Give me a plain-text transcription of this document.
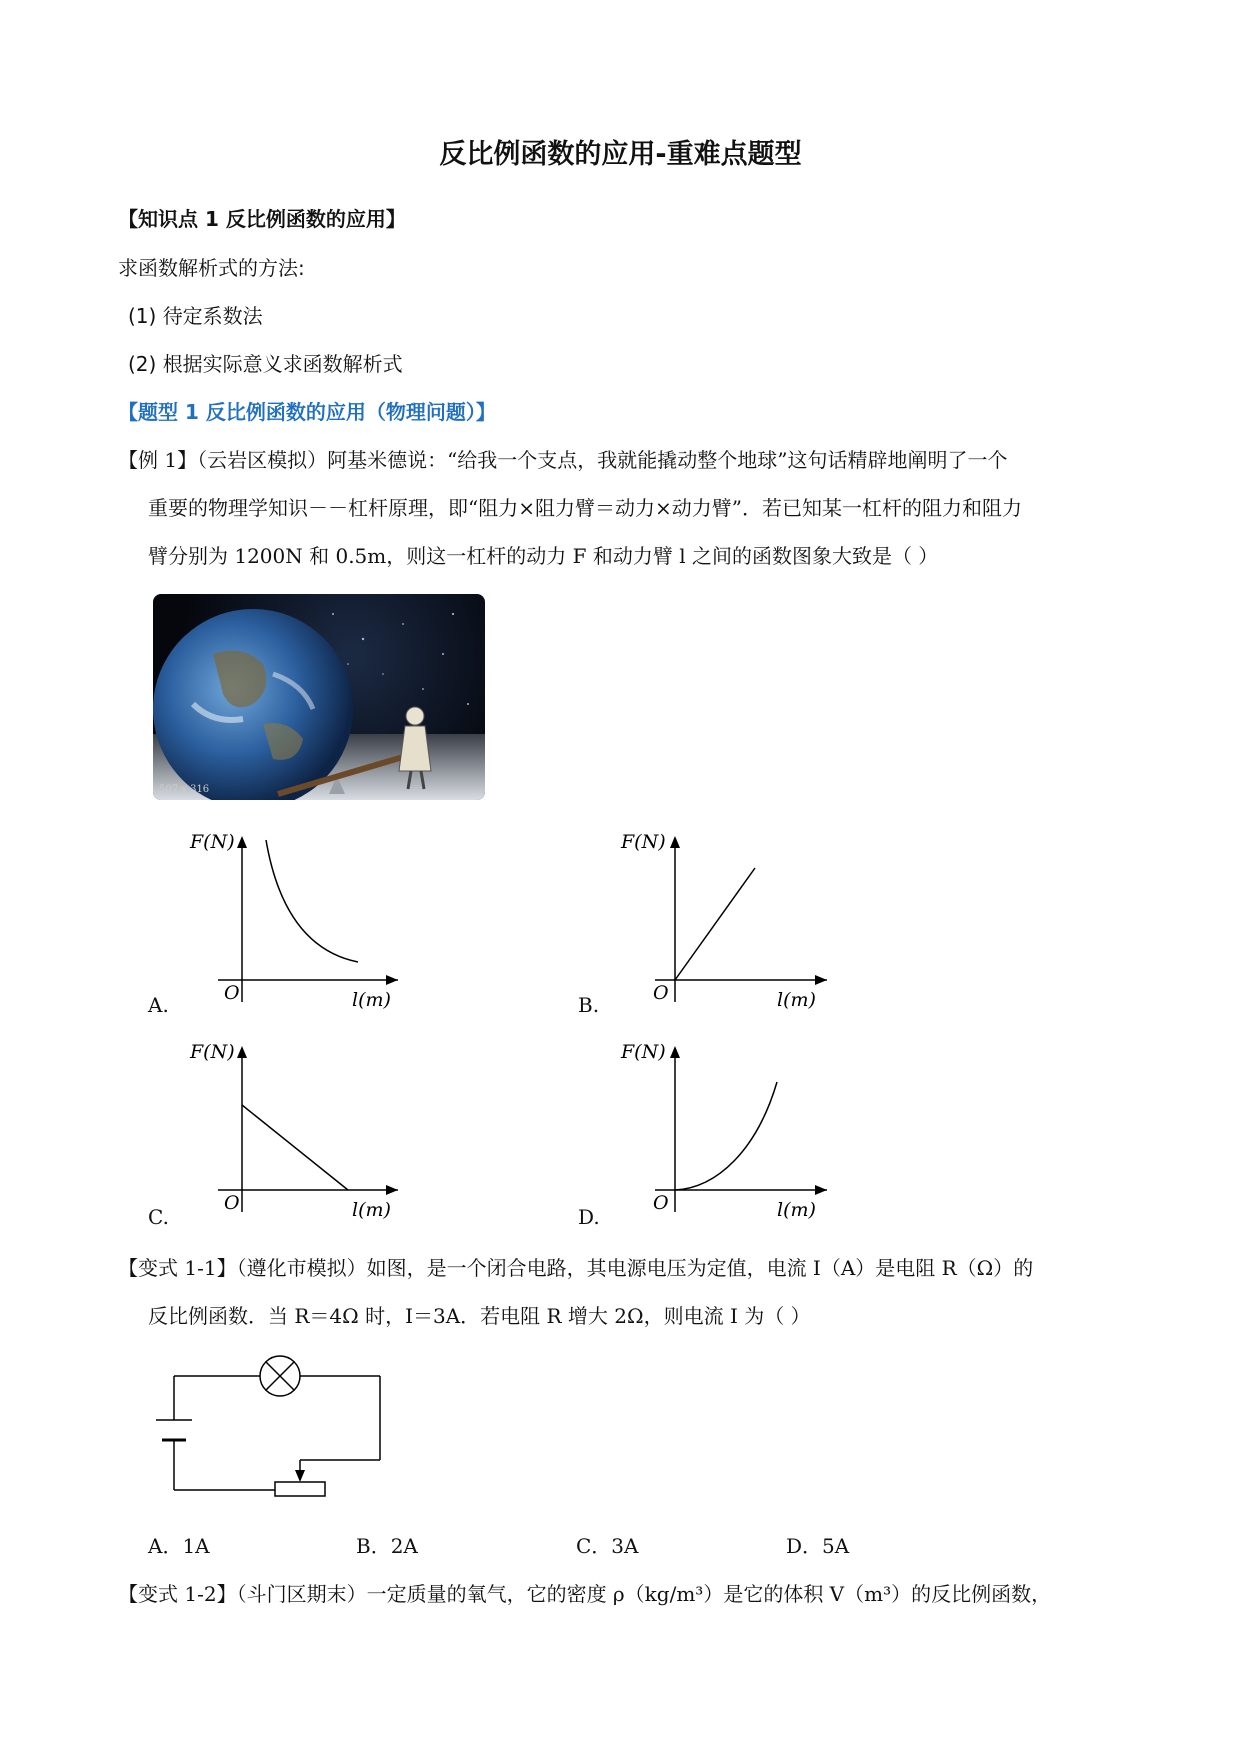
反比例函数的应用-重难点题型
【知识点 1 反比例函数的应用】
求函数解析式的方法:
(1) 待定系数法
(2) 根据实际意义求函数解析式
【题型 1 反比例函数的应用（物理问题）】
【例 1】（云岩区模拟）阿基米德说：“给我一个支点，我就能撬动整个地球”这句话精辟地阐明了一个
重要的物理学知识－－杠杆原理，即“阻力×阻力臂＝动力×动力臂”．若已知某一杠杆的阻力和阻力
臂分别为 1200N 和 0.5m，则这一杠杆的动力 F 和动力臂 l 之间的函数图象大致是（ ）
507 x 316
F(N)
O	l(m)
A.
F(N)
O	l(m)
B.
F(N)
O	l(m)
C.
F(N)
O	l(m)
D.
【变式 1-1】（遵化市模拟）如图，是一个闭合电路，其电源电压为定值，电流 I（A）是电阻 R（Ω）的
反比例函数．当 R＝4Ω 时，I＝3A．若电阻 R 增大 2Ω，则电流 I 为（ ）
A．1A	B．2A	C．3A	D．5A
【变式 1-2】（斗门区期末）一定质量的氧气，它的密度 ρ（kg/m³）是它的体积 V（m³）的反比例函数，
